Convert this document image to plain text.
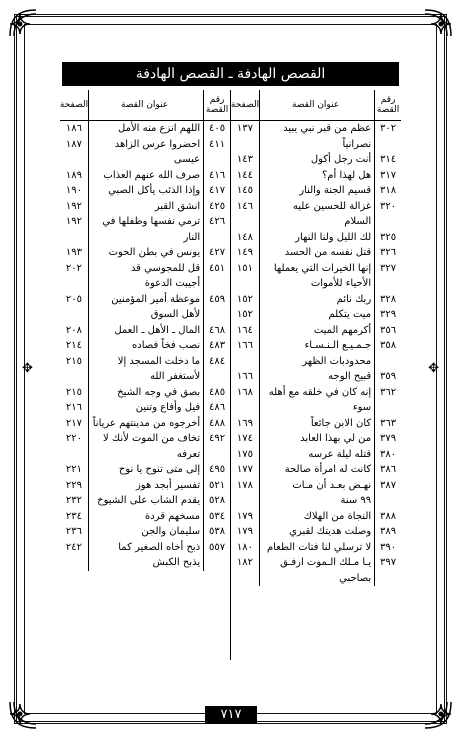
✥	✥
القصص الهادفة ـ القصص الهادفة
رقم القصة
عنوان القصة
الصفحة
٣٠٢
عظم من قبر نبي يبيد
١٣٧
نصرانياً
٣١٤
أنت رجل أكول
١٤٣
٣١٧
هل لهذا أم؟
١٤٤
٣١٨
قسيم الجنة والنار
١٤٥
٣٢٠
غزالة للحسين عليه
١٤٦
السلام
٣٢٥
لك الليل ولنا النهار
١٤٨
٣٢٦
قتل نفسه من الحسد
١٤٩
٣٢٧
إنها الخيرات التي يعملها
١٥١
الأحياء للأموات
٣٢٨
ربك نائم
١٥٢
٣٢٩
ميت يتكلم
١٥٢
٣٥٦
أكرمهم الميت
١٦٤
٣٥٨
جـمـيـع الـنـسـاء
١٦٦
محدودبات الظهر
٣٥٩
قبيح الوجه
١٦٦
٣٦٢
إنه كان في خلقه مع أهله
١٦٨
سوء
٣٦٣
كان الابن جائعاً
١٦٩
٣٧٩
من لي بهذا العابد
١٧٤
٣٨٠
قتله ليلة عرسه
١٧٥
٣٨٦
كانت له امرأة صالحة
١٧٧
٣٨٧
نهـض بعـد أن مـات
١٧٨
٩٩ سنة
٣٨٨
النجاة من الهلاك
١٧٩
٣٨٩
وصلت هديتك لقبري
١٧٩
٣٩٠
لا ترسلي لنا فتات الطعام
١٨٠
٣٩٧
يـا مـلك الـموت ارفـق
١٨٢
بصاحبي
رقم القصة
عنوان القصة
الصفحة
٤٠٥
اللهم انزع منه الأمل
١٨٦
٤١١
احضروا عرس الزاهد
١٨٧
عيسى
٤١٦
صرف الله عنهم العذاب
١٨٩
٤١٧
وإذا الذئب يأكل الصبي
١٩٠
٤٢٥
انشق القبر
١٩٢
٤٢٦
ترمي نفسها وطفلها في
١٩٢
النار
٤٢٧
يونس في بطن الحوت
١٩٣
٤٥١
قل للمجوسي قد
٢٠٢
أجيبت الدعوة
٤٥٩
موعظة أمير المؤمنين
٢٠٥
لأهل السوق
٤٦٨
المال ـ الأهل ـ العمل
٢٠٨
٤٨٣
نصب فخاً فصاده
٢١٤
٤٨٤
ما دخلت المسجد إلا
٢١٥
لأستغفر الله
٤٨٥
بصق في وجه الشيخ
٢١٥
٤٨٦
فيل وأفاع وتنين
٢١٦
٤٨٨
أخرجوه من مدينتهم عرياناً
٢١٧
٤٩٢
تخاف من الموت لأنك لا
٢٢٠
تعرفه
٤٩٥
إلى متى تنوح يا نوح
٢٢١
٥٢١
تفسير أبجد هوز
٢٢٩
٥٢٨
يقدم الشاب على الشيوخ
٢٣٢
٥٣٤
مسخهم قردة
٢٣٤
٥٣٨
سليمان والجن
٢٣٦
٥٥٧
ذبح أخاه الصغير كما
٢٤٢
يذبح الكبش
٧١٧
